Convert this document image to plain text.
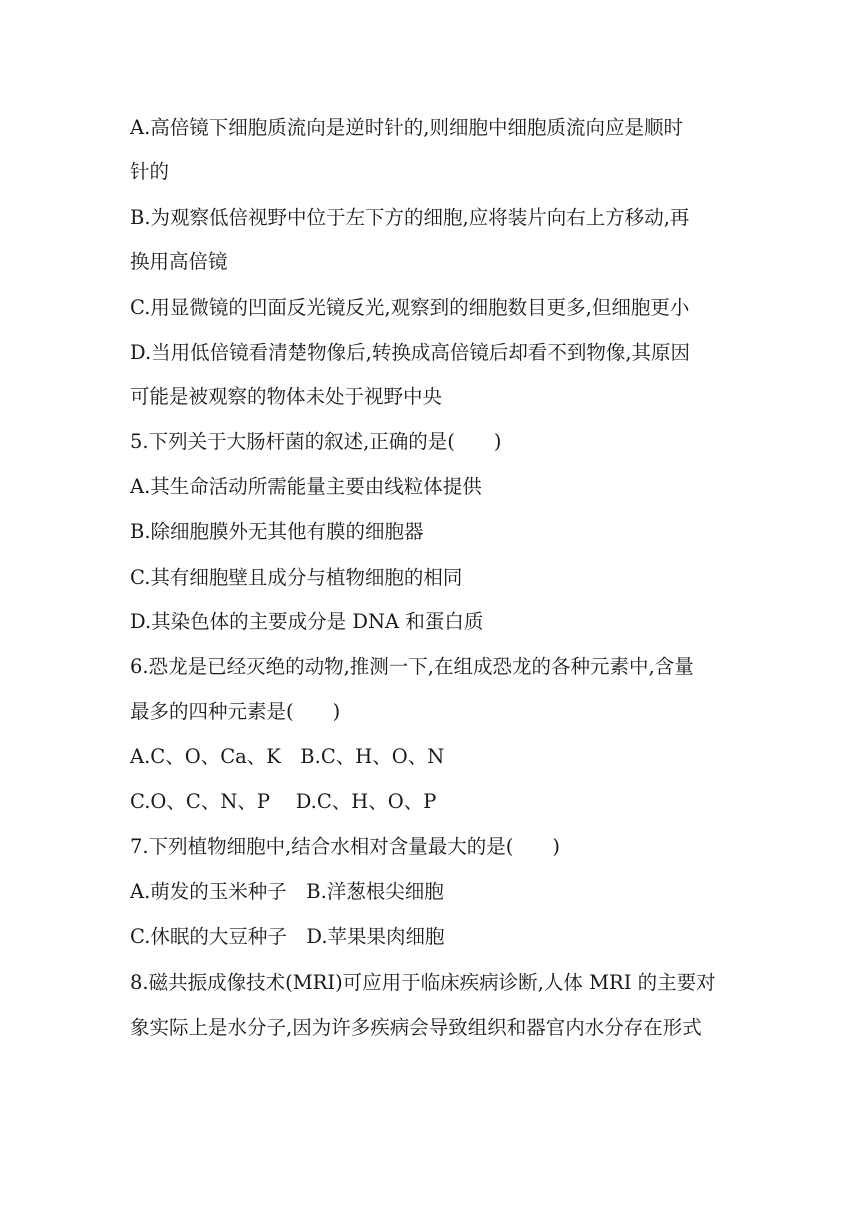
A.高倍镜下细胞质流向是逆时针的,则细胞中细胞质流向应是顺时
针的
B.为观察低倍视野中位于左下方的细胞,应将装片向右上方移动,再
换用高倍镜
C.用显微镜的凹面反光镜反光,观察到的细胞数目更多,但细胞更小
D.当用低倍镜看清楚物像后,转换成高倍镜后却看不到物像,其原因
可能是被观察的物体未处于视野中央
5.下列关于大肠杆菌的叙述,正确的是(　　)
A.其生命活动所需能量主要由线粒体提供
B.除细胞膜外无其他有膜的细胞器
C.其有细胞壁且成分与植物细胞的相同
D.其染色体的主要成分是 DNA 和蛋白质
6.恐龙是已经灭绝的动物,推测一下,在组成恐龙的各种元素中,含量
最多的四种元素是(　　)
A.C、O、Ca、K　B.C、H、O、N
C.O、C、N、P　 D.C、H、O、P
7.下列植物细胞中,结合水相对含量最大的是(　　)
A.萌发的玉米种子　B.洋葱根尖细胞
C.休眠的大豆种子　D.苹果果肉细胞
8.磁共振成像技术(MRI)可应用于临床疾病诊断,人体 MRI 的主要对
象实际上是水分子,因为许多疾病会导致组织和器官内水分存在形式
